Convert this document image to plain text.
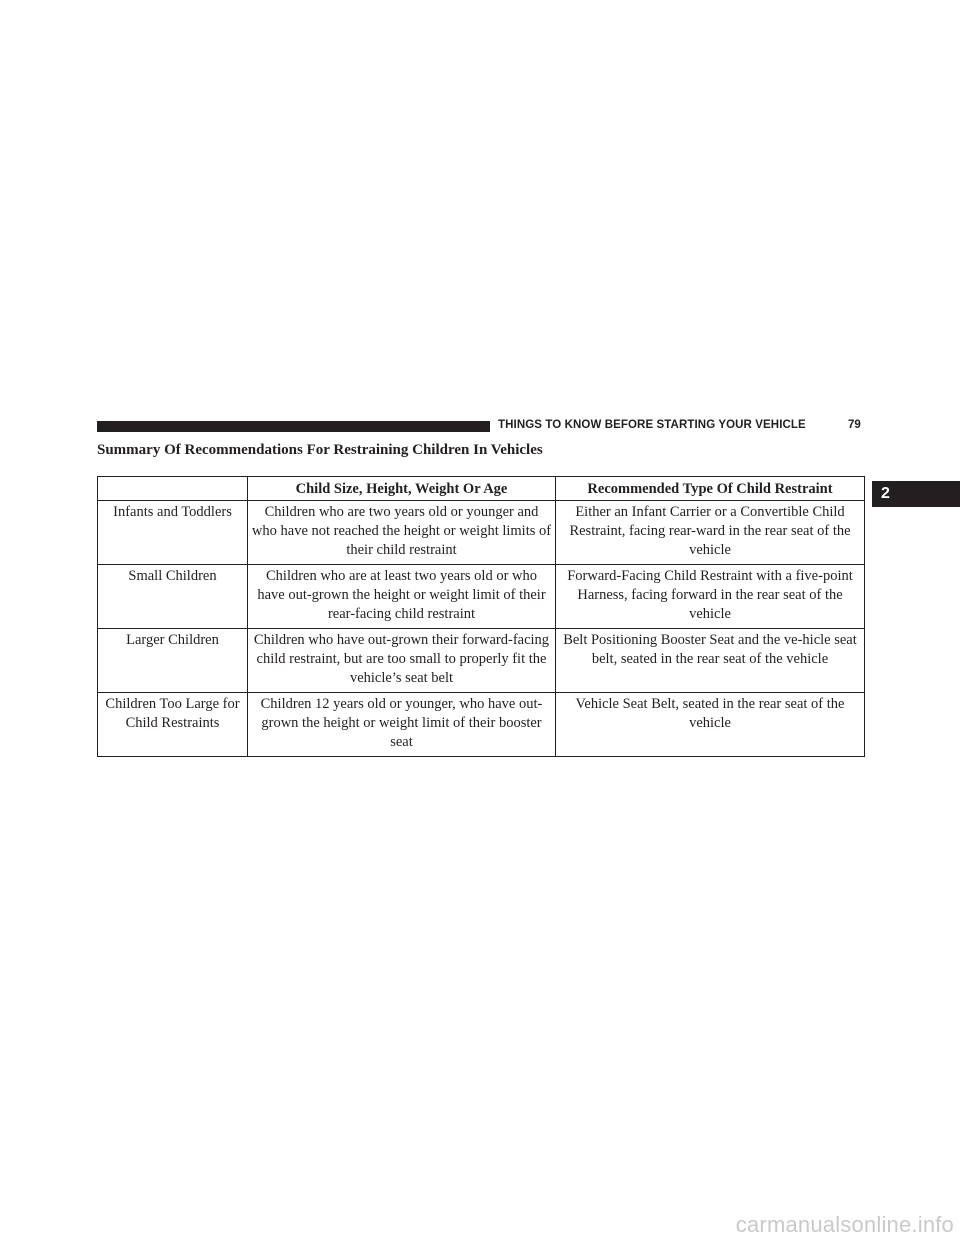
THINGS TO KNOW BEFORE STARTING YOUR VEHICLE	79
2
Summary Of Recommendations For Restraining Children In Vehicles
	Child Size, Height, Weight Or Age	Recommended Type Of Child Restraint
Infants and Toddlers	Children who are two years old or younger and who have not reached the height or weight limits of their child restraint	Either an Infant Carrier or a Convertible Child Restraint, facing rear-ward in the rear seat of the vehicle
Small Children	Children who are at least two years old or who have out-grown the height or weight limit of their rear-facing child restraint	Forward-Facing Child Restraint with a five-point Harness, facing forward in the rear seat of the vehicle
Larger Children	Children who have out-grown their forward-facing child restraint, but are too small to properly fit the vehicle’s seat belt	Belt Positioning Booster Seat and the ve-hicle seat belt, seated in the rear seat of the vehicle
Children Too Large for Child Restraints	Children 12 years old or younger, who have out-grown the height or weight limit of their booster seat	Vehicle Seat Belt, seated in the rear seat of the vehicle
carmanualsonline.info
